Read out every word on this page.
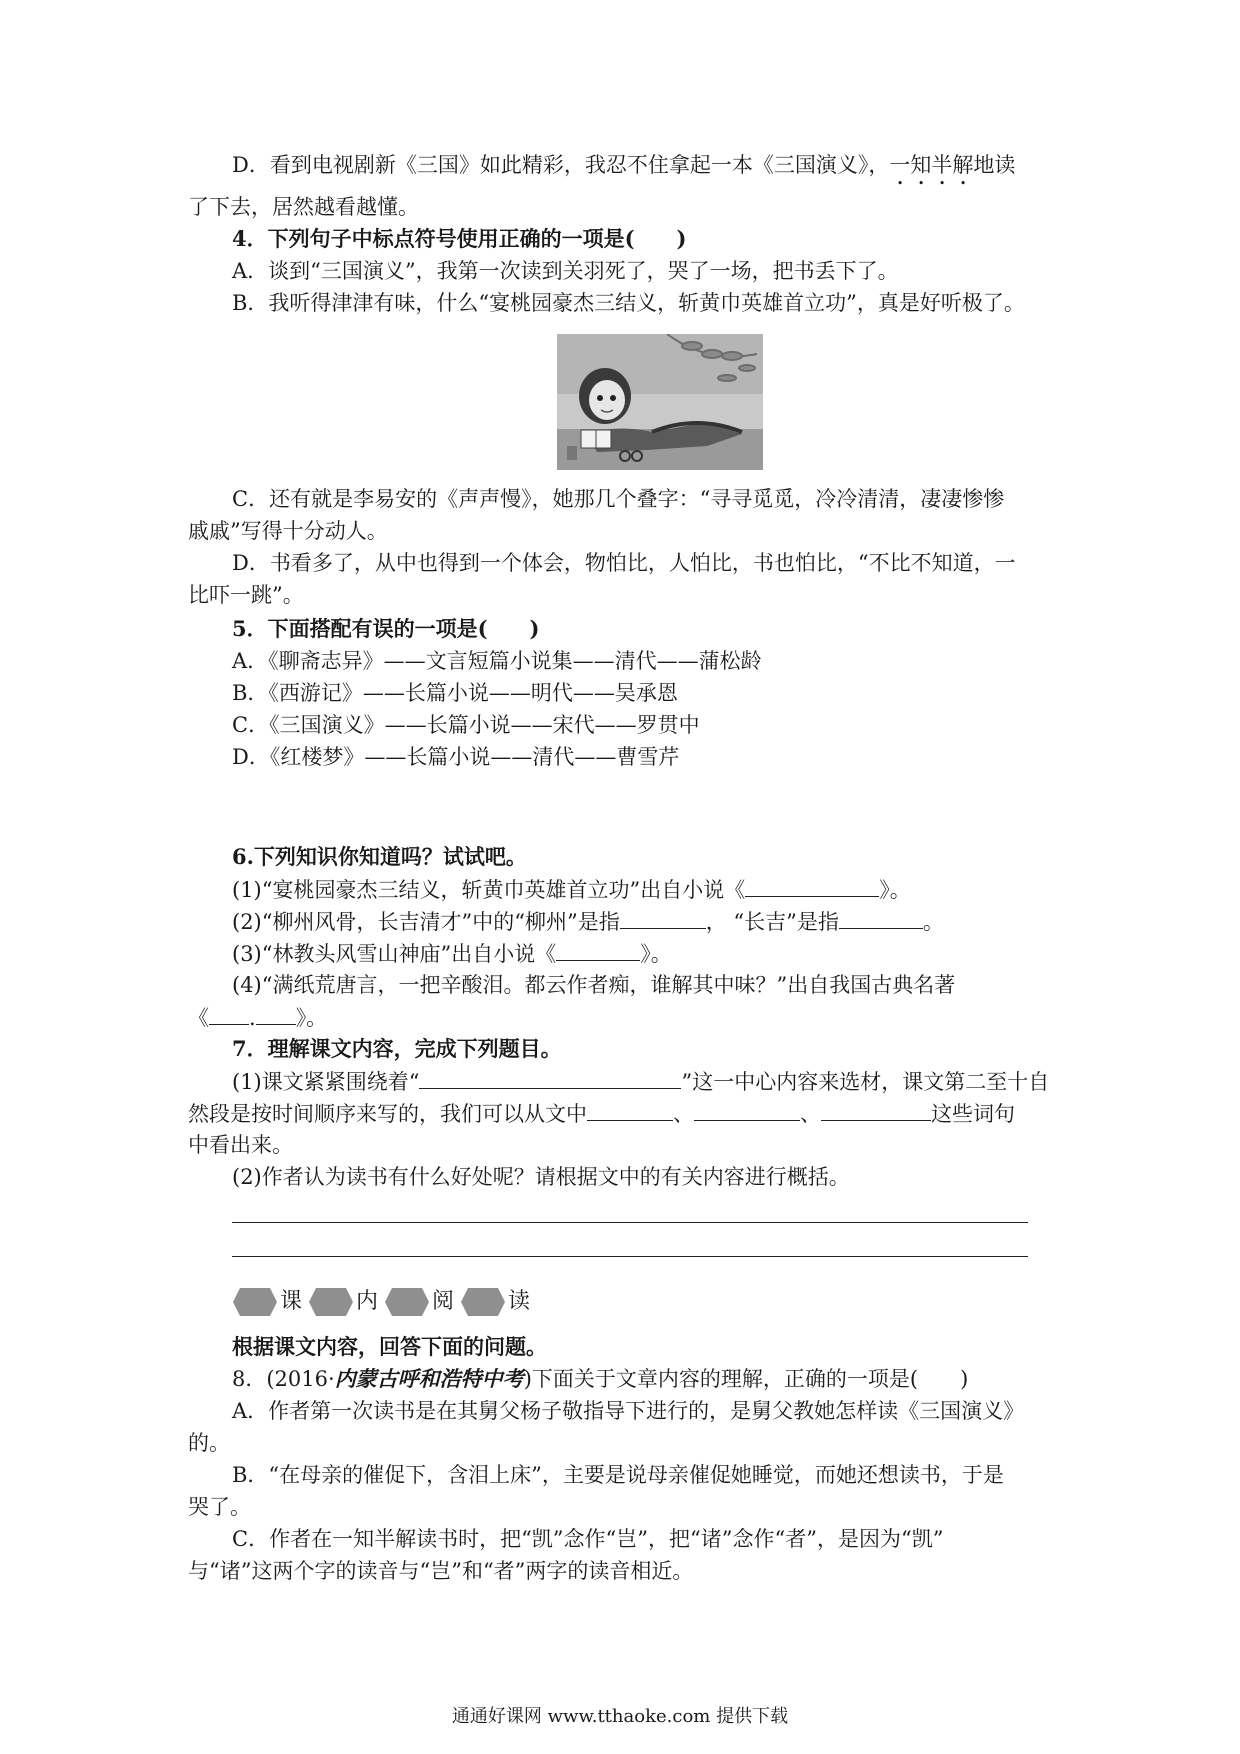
D．看到电视剧新《三国》如此精彩，我忍不住拿起一本《三国演义》，一知半解地读
了下去，居然越看越懂。
4．下列句子中标点符号使用正确的一项是(　　)
A．谈到“三国演义”，我第一次读到关羽死了，哭了一场，把书丢下了。
B．我听得津津有味，什么“宴桃园豪杰三结义，斩黄巾英雄首立功”，真是好听极了。
C．还有就是李易安的《声声慢》，她那几个叠字：“寻寻觅觅，冷冷清清，凄凄惨惨
戚戚”写得十分动人。
D．书看多了，从中也得到一个体会，物怕比，人怕比，书也怕比，“不比不知道，一
比吓一跳”。
5．下面搭配有误的一项是(　　)
A．《聊斋志异》——文言短篇小说集——清代——蒲松龄
B．《西游记》——长篇小说——明代——吴承恩
C．《三国演义》——长篇小说——宋代——罗贯中
D．《红楼梦》——长篇小说——清代——曹雪芹
6.下列知识你知道吗？试试吧。
(1)“宴桃园豪杰三结义，斩黄巾英雄首立功”出自小说《	》。
(2)“柳州风骨，长吉清才”中的“柳州”是指	， “长吉”是指	。
(3)“林教头风雪山神庙”出自小说《	》。
(4)“满纸荒唐言，一把辛酸泪。都云作者痴，谁解其中味？”出自我国古典名著
《 . 》。
7．理解课文内容，完成下列题目。
(1)课文紧紧围绕着“	”这一中心内容来选材，课文第二至十自
然段是按时间顺序来写的，我们可以从文中	、	、	这些词句
中看出来。
(2)作者认为读书有什么好处呢？请根据文中的有关内容进行概括。
课 内 阅 读
根据课文内容，回答下面的问题。
8．(2016·内蒙古呼和浩特中考)下面关于文章内容的理解，正确的一项是(　　)
A．作者第一次读书是在其舅父杨子敬指导下进行的，是舅父教她怎样读《三国演义》
的。
B．“在母亲的催促下，含泪上床”，主要是说母亲催促她睡觉，而她还想读书，于是
哭了。
C．作者在一知半解读书时，把“凯”念作“岂”，把“诸”念作“者”，是因为“凯”
与“诸”这两个字的读音与“岂”和“者”两字的读音相近。
通通好课网 www.tthaoke.com 提供下载
